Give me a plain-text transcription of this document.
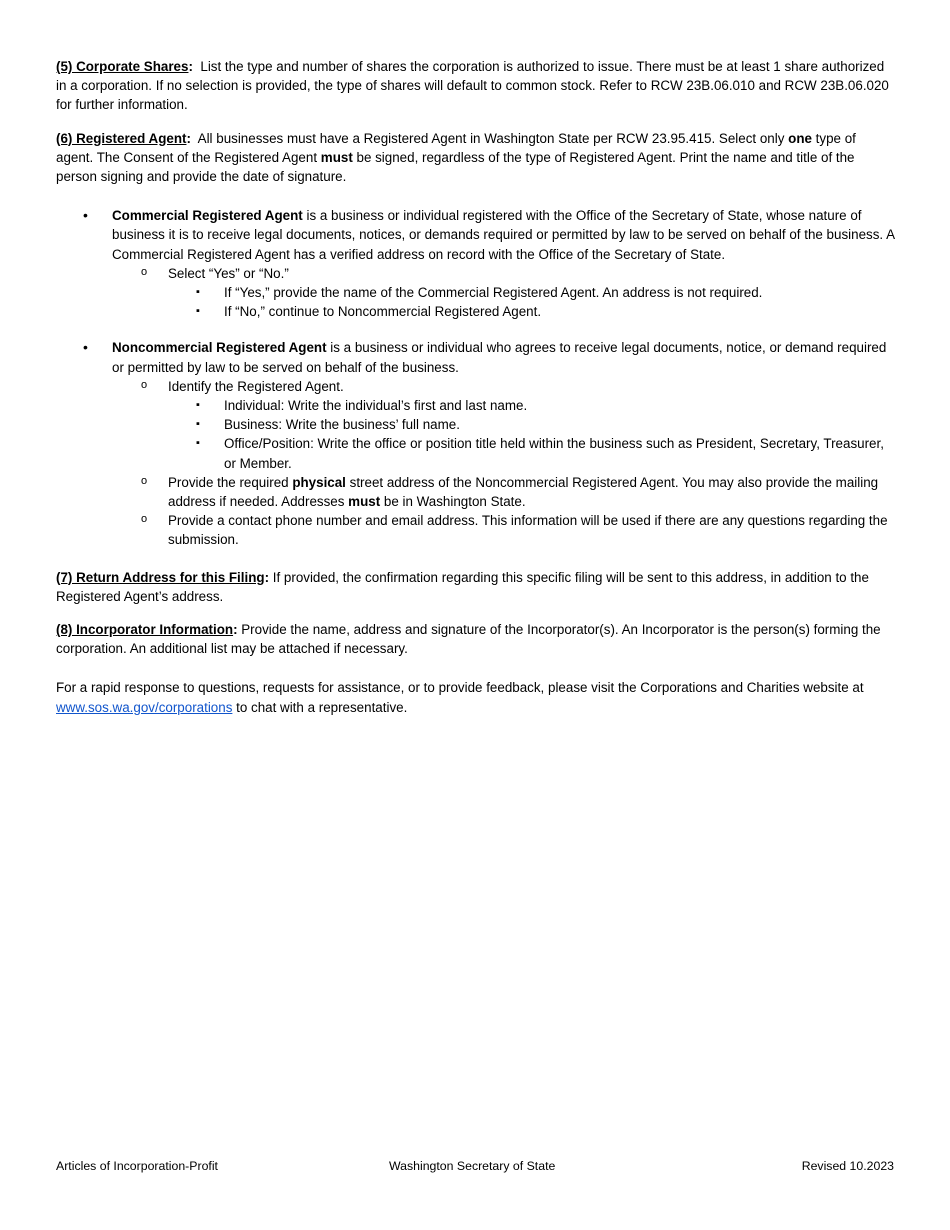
(5) Corporate Shares:  List the type and number of shares the corporation is authorized to issue. There must be at least 1 share authorized in a corporation. If no selection is provided, the type of shares will default to common stock. Refer to RCW 23B.06.010 and RCW 23B.06.020 for further information.

(6) Registered Agent:  All businesses must have a Registered Agent in Washington State per RCW 23.95.415. Select only one type of agent. The Consent of the Registered Agent must be signed, regardless of the type of Registered Agent. Print the name and title of the person signing and provide the date of signature.

• Commercial Registered Agent is a business or individual registered with the Office of the Secretary of State, whose nature of business it is to receive legal documents, notices, or demands required or permitted by law to be served on behalf of the business. A Commercial Registered Agent has a verified address on record with the Office of the Secretary of State.

o Select “Yes” or “No.”
▪ If “Yes,” provide the name of the Commercial Registered Agent. An address is not required.
▪ If “No,” continue to Noncommercial Registered Agent.

• Noncommercial Registered Agent is a business or individual who agrees to receive legal documents, notice, or demand required or permitted by law to be served on behalf of the business.

o Identify the Registered Agent.
▪ Individual: Write the individual’s first and last name.
▪ Business: Write the business’ full name.
▪ Office/Position: Write the office or position title held within the business such as President, Secretary, Treasurer, or Member.
o Provide the required physical street address of the Noncommercial Registered Agent. You may also provide the mailing address if needed. Addresses must be in Washington State.
o Provide a contact phone number and email address. This information will be used if there are any questions regarding the submission.

(7) Return Address for this Filing: If provided, the confirmation regarding this specific filing will be sent to this address, in addition to the Registered Agent’s address.

(8) Incorporator Information: Provide the name, address and signature of the Incorporator(s). An Incorporator is the person(s) forming the corporation. An additional list may be attached if necessary.

For a rapid response to questions, requests for assistance, or to provide feedback, please visit the Corporations and Charities website at www.sos.wa.gov/corporations to chat with a representative.

Articles of Incorporation-Profit	Washington Secretary of State	Revised 10.2023
